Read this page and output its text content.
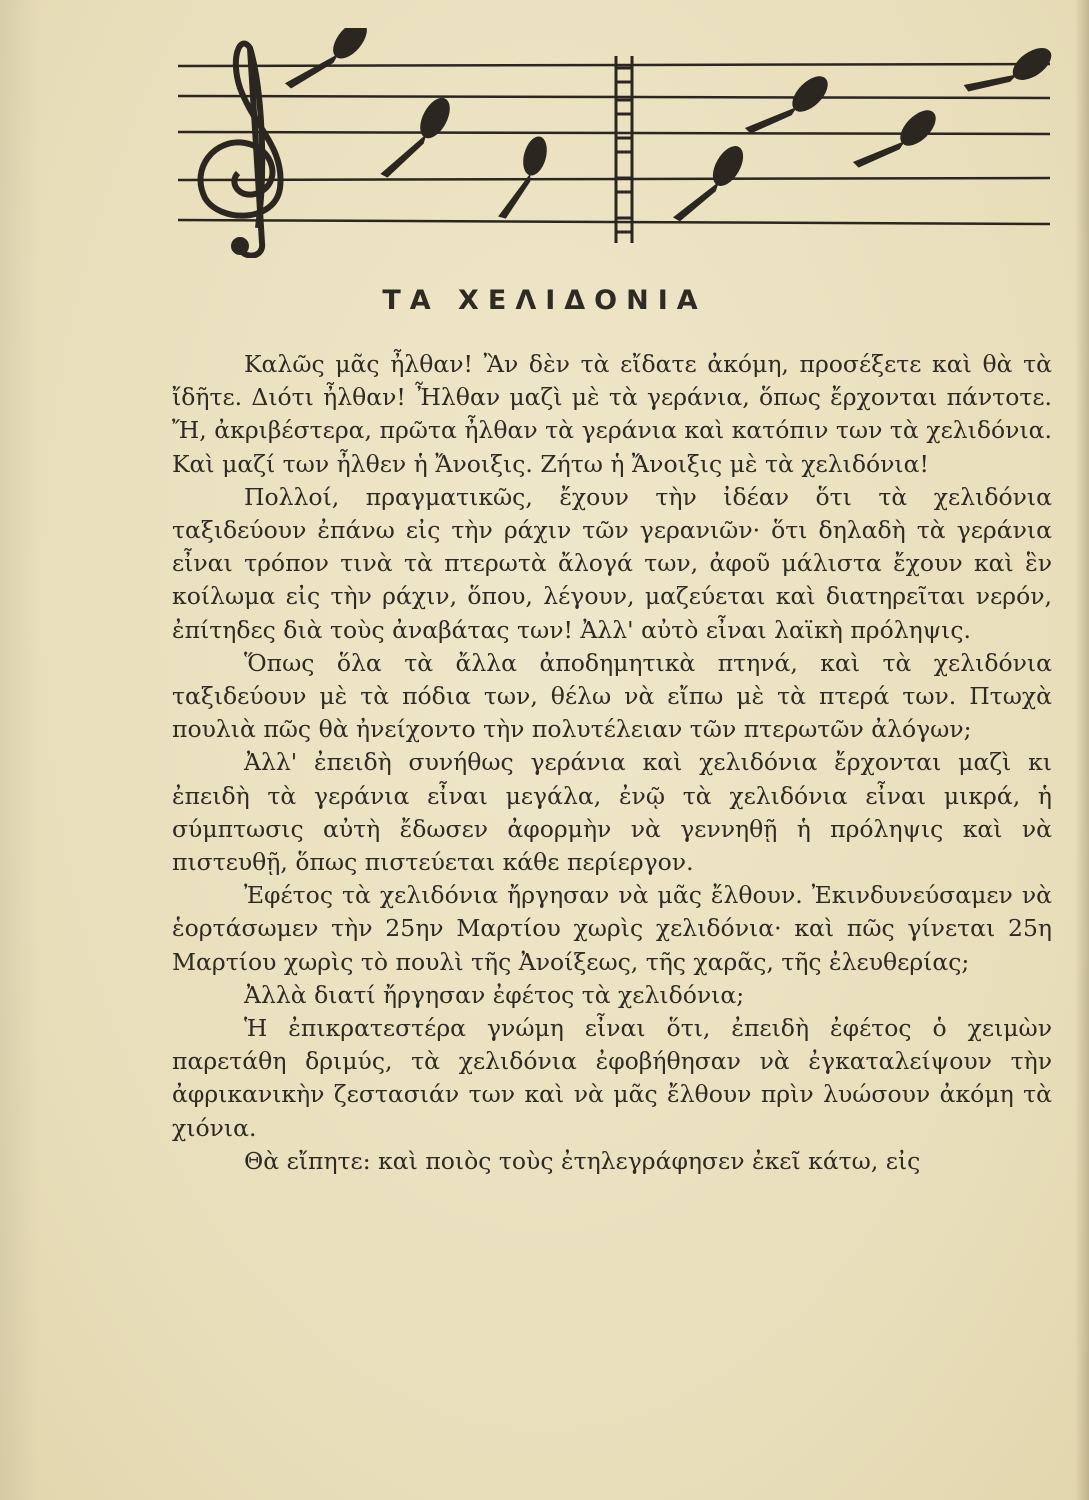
ΤΑ ΧΕΛΙΔΟΝΙΑ

Καλῶς μᾶς ἦλθαν! Ἂν δὲν τὰ εἴδατε ἀκόμη, προσέξετε καὶ θὰ τὰ ἴδῆτε. Διότι ἦλθαν! Ἦλθαν μαζὶ μὲ τὰ γεράνια, ὅπως ἔρχονται πάντοτε. Ἤ, ἀκριβέστερα, πρῶτα ἦλθαν τὰ γεράνια καὶ κατόπιν των τὰ χελιδόνια. Καὶ μαζί των ἦλθεν ἡ Ἄνοιξις. Ζήτω ἡ Ἄνοιξις μὲ τὰ χελιδόνια!

Πολλοί, πραγματικῶς, ἔχουν τὴν ἰδέαν ὅτι τὰ χελιδόνια ταξιδεύουν ἐπάνω εἰς τὴν ράχιν τῶν γερανιῶν· ὅτι δηλαδὴ τὰ γεράνια εἶναι τρόπον τινὰ τὰ πτερωτὰ ἄλογά των, ἀφοῦ μάλιστα ἔχουν καὶ ἓν κοίλωμα εἰς τὴν ράχιν, ὅπου, λέγουν, μαζεύεται καὶ διατηρεῖται νερόν, ἐπίτηδες διὰ τοὺς ἀναβάτας των! Ἀλλ' αὐτὸ εἶναι λαϊκὴ πρόληψις.

Ὅπως ὅλα τὰ ἄλλα ἀποδημητικὰ πτηνά, καὶ τὰ χελιδόνια ταξιδεύουν μὲ τὰ πόδια των, θέλω νὰ εἴπω μὲ τὰ πτερά των. Πτωχὰ πουλιὰ πῶς θὰ ἠνείχοντο τὴν πολυτέλειαν τῶν πτερωτῶν ἀλόγων;

Ἀλλ' ἐπειδὴ συνήθως γεράνια καὶ χελιδόνια ἔρχονται μαζὶ κι ἐπειδὴ τὰ γεράνια εἶναι μεγάλα, ἐνῷ τὰ χελιδόνια εἶναι μικρά, ἡ σύμπτωσις αὐτὴ ἔδωσεν ἀφορμὴν νὰ γεννηθῇ ἡ πρόληψις καὶ νὰ πιστευθῇ, ὅπως πιστεύεται κάθε περίεργον.

Ἐφέτος τὰ χελιδόνια ἤργησαν νὰ μᾶς ἔλθουν. Ἐκινδυνεύσαμεν νὰ ἑορτάσωμεν τὴν 25ην Μαρτίου χωρὶς χελιδόνια· καὶ πῶς γίνεται 25η Μαρτίου χωρὶς τὸ πουλὶ τῆς Ἀνοίξεως, τῆς χαρᾶς, τῆς ἐλευθερίας;

Ἀλλὰ διατί ἤργησαν ἐφέτος τὰ χελιδόνια;

Ἡ ἐπικρατεστέρα γνώμη εἶναι ὅτι, ἐπειδὴ ἐφέτος ὁ χειμὼν παρετάθη δριμύς, τὰ χελιδόνια ἐφοβήθησαν νὰ ἐγκαταλείψουν τὴν ἀφρικανικὴν ζεστασιάν των καὶ νὰ μᾶς ἔλθουν πρὶν λυώσουν ἀκόμη τὰ χιόνια.

Θὰ εἴπητε: καὶ ποιὸς τοὺς ἐτηλεγράφησεν ἐκεῖ κάτω, εἰς
